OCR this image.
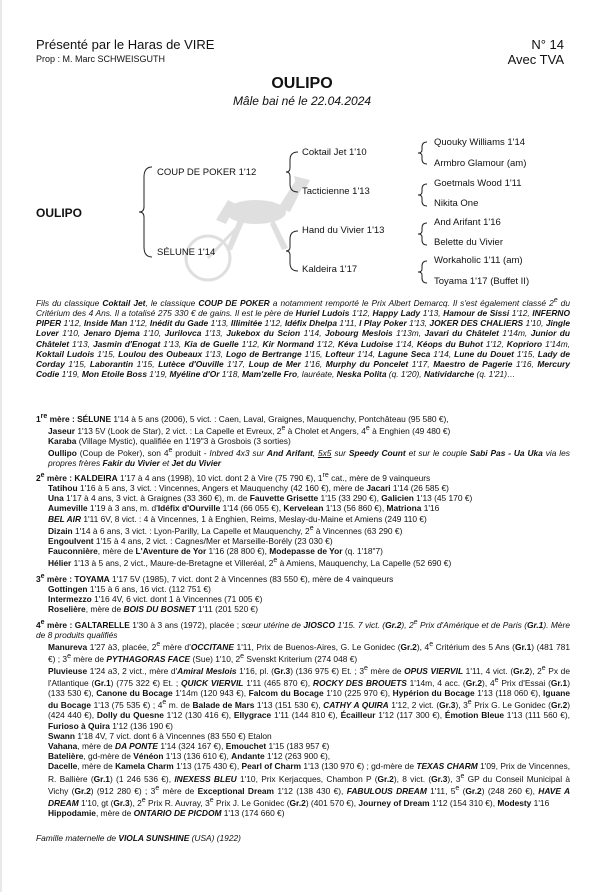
Présenté par le Haras de VIRE
Prop : M. Marc SCHWEISGUTH
N° 14
Avec TVA
OULIPO
Mâle bai né le 22.04.2024
OULIPO
COUP DE POKER 1'12
SÉLUNE 1'14
Coktail Jet 1'10
Tacticienne 1'13
Hand du Vivier 1'13
Kaldeira 1'17
Quouky Williams 1'14
Armbro Glamour (am)
Goetmals Wood 1'11
Nikita One
And Arifant 1'16
Belette du Vivier
Workaholic 1'11 (am)
Toyama 1'17 (Buffet II)

Fils du classique Coktail Jet, le classique COUP DE POKER a notamment remporté le Prix Albert Demarcq. Il s'est également classé 2e du Critérium des 4 Ans. Il a totalisé 275 330 € de gains. Il est le père de Huriel Ludois 1'12, Happy Lady 1'13, Hamour de Sissi 1'12, INFERNO PIPER 1'12, Inside Man 1'12, Inédit du Gade 1'13, Illimitée 1'12, Idéfix Dhelpa 1'11, I Play Poker 1'13, JOKER DES CHALIERS 1'10, Jingle Lover 1'10, Jenaro Djema 1'10, Jurilovca 1'13, Jukebox du Scion 1'14, Jobourg Meslois 1'13m, Javari du Châtelet 1'14m, Junior du Châtelet 1'13, Jasmin d'Enogat 1'13, Kia de Guelle 1'12, Kir Normand 1'12, Kéva Ludoise 1'14, Kéops du Buhot 1'12, Koprioro 1'14m, Koktail Ludois 1'15, Loulou des Oubeaux 1'13, Logo de Bertrange 1'15, Lofteur 1'14, Lagune Seca 1'14, Lune du Douet 1'15, Lady de Corday 1'15, Laborantin 1'15, Lutèce d'Ouville 1'17, Loup de Mer 1'16, Murphy du Poncelet 1'17, Maestro de Pagerie 1'16, Mercury Codie 1'19, Mon Etoile Boss 1'19, Myéline d'Or 1'18, Mam'zelle Fro, lauréate, Neska Polita (q. 1'20), Natividarche (q. 1'21)…

1re mère : SÉLUNE 1'14 à 5 ans (2006), 5 vict. : Caen, Laval, Graignes, Mauquenchy, Pontchâteau (95 580 €),

Jaseur 1'13 5V (Look de Star), 2 vict. : La Capelle et Evreux, 2e à Cholet et Angers, 4e à Enghien (49 480 €)

Karaba (Village Mystic), qualifiée en 1'19"3 à Grosbois (3 sorties)

Oullipo (Coup de Poker), son 4e produit - Inbred 4x3 sur And Arifant, 5x5 sur Speedy Count et sur le couple Sabi Pas - Ua Uka via les propres frères Fakir du Vivier et Jet du Vivier

2e mère : KALDEIRA 1'17 à 4 ans (1998), 10 vict. dont 2 à Vire (75 790 €), 1re cat., mère de 9 vainqueurs

Tatihou 1'16 à 5 ans, 3 vict. : Vincennes, Angers et Mauquenchy (42 160 €), mère de Jacari 1'14 (26 585 €)

Una 1'17 à 4 ans, 3 vict. à Graignes (33 360 €), m. de Fauvette Grisette 1'15 (33 290 €), Galicien 1'13 (45 170 €)

Aumeville 1'19 à 3 ans, m. d'Idéfix d'Ourville 1'14 (66 055 €), Kervelean 1'13 (56 860 €), Matriona 1'16

BEL AIR 1'11 6V, 8 vict. : 4 à Vincennes, 1 à Enghien, Reims, Meslay-du-Maine et Amiens (249 110 €)

Dizain 1'14 à 6 ans, 3 vict. : Lyon-Parilly, La Capelle et Mauquenchy, 2e à Vincennes (63 290 €)

Engoulvent 1'15 à 4 ans, 2 vict. : Cagnes/Mer et Marseille-Borély (23 030 €)

Fauconnière, mère de L'Aventure de Yor 1'16 (28 800 €), Modepasse de Yor (q. 1'18"7)

Hélier 1'13 à 5 ans, 2 vict., Maure-de-Bretagne et Villeréal, 2e à Amiens, Mauquenchy, La Capelle (52 690 €)

3e mère : TOYAMA 1'17 5V (1985), 7 vict. dont 2 à Vincennes (83 550 €), mère de 4 vainqueurs

Gottingen 1'15 à 6 ans, 16 vict. (112 751 €)

Intermezzo 1'16 4V, 6 vict. dont 1 à Vincennes (71 005 €)

Roselière, mère de BOIS DU BOSNET 1'11 (201 520 €)

4e mère : GALTARELLE 1'30 à 3 ans (1972), placée ; sœur utérine de JIOSCO 1'15. 7 vict. (Gr.2), 2e Prix d'Amérique et de Paris (Gr.1). Mère de 8 produits qualifiés

Manureva 1'27 à3, placée, 2e mère d'OCCITANE 1'11, Prix de Buenos-Aires, G. Le Gonidec (Gr.2), 4e Critérium des 5 Ans (Gr.1) (481 781 €) ; 3e mère de PYTHAGORAS FACE (Sue) 1'10, 2e Svenskt Kriterium (274 048 €)

Pluvieuse 1'24 a3, 2 vict., mère d'Amiral Meslois 1'16, pl. (Gr.3) (136 975 €) Et. ; 3e mère de OPUS VIERVIL 1'11, 4 vict. (Gr.2), 2e Px de l'Atlantique (Gr.1) (775 322 €) Et. ; QUICK VIERVIL 1'11 (465 870 €), ROCKY DES BROUETS 1'14m, 4 acc. (Gr.2), 4e Prix d'Essai (Gr.1) (133 530 €), Canone du Bocage 1'14m (120 943 €), Falcom du Bocage 1'10 (225 970 €), Hypérion du Bocage 1'13 (118 060 €), Iguane du Bocage 1'13 (75 535 €) ; 4e m. de Balade de Mars 1'13 (151 530 €), CATHY A QUIRA 1'12, 2 vict. (Gr.3), 3e Prix G. Le Gonidec (Gr.2) (424 440 €), Dolly du Quesne 1'12 (130 416 €), Ellygrace 1'11 (144 810 €), Écailleur 1'12 (117 300 €), Émotion Bleue 1'13 (111 560 €), Furioso à Quira 1'12 (136 190 €)

Swann 1'18 4V, 7 vict. dont 6 à Vincennes (83 550 €) Etalon

Vahana, mère de DA PONTE 1'14 (324 167 €), Emouchet 1'15 (183 957 €)

Batelière, gd-mère de Vénéon 1'13 (136 610 €), Andante 1'12 (263 900 €),

Dacelle, mère de Kamela Charm 1'13 (175 430 €), Pearl of Charm 1'13 (130 970 €) ; gd-mère de TEXAS CHARM 1'09, Prix de Vincennes, R. Ballière (Gr.1) (1 246 536 €), INEXESS BLEU 1'10, Prix Kerjacques, Chambon P (Gr.2), 8 vict. (Gr.3), 3e GP du Conseil Municipal à Vichy (Gr.2) (912 280 €) ; 3e mère de Exceptional Dream 1'12 (138 430 €), FABULOUS DREAM 1'11, 5e (Gr.2) (248 260 €), HAVE A DREAM 1'10, gt (Gr.3), 2e Prix R. Auvray, 3e Prix J. Le Gonidec (Gr.2) (401 570 €), Journey of Dream 1'12 (154 310 €), Modesty 1'16

Hippodamie, mère de ONTARIO DE PICDOM 1'13 (174 660 €)

Famille maternelle de VIOLA SUNSHINE (USA) (1922)
